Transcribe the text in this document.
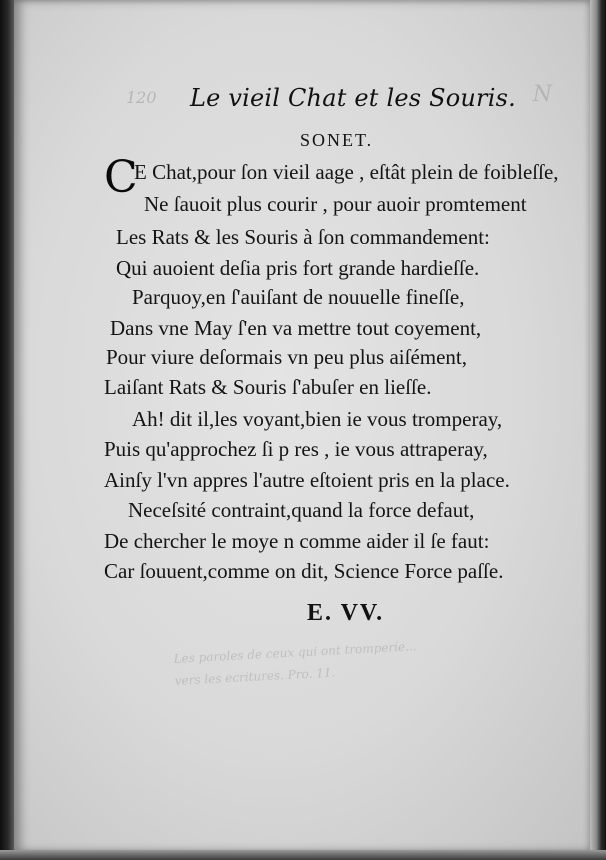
N
120
Les paroles de ceux qui ont tromperie...
vers les ecritures. Pro. 11.
Le vieil Chat et les Souris.
SONET.
C
E Chat,pour ſon vieil aage , eſtât plein de foibleſſe,
Ne ſauoit plus courir , pour auoir promtement
Les Rats & les Souris à ſon commandement:
Qui auoient deſia pris fort grande hardieſſe.
Parquoy,en ſ'auiſant de nouuelle fineſſe,
Dans vne May ſ'en va mettre tout coyement,
Pour viure deſormais vn peu plus aiſément,
Laiſant Rats & Souris ſ'abuſer en lieſſe.
Ah! dit il,les voyant,bien ie vous tromperay,
Puis qu'approchez ſi p res , ie vous attraperay,
Ainſy l'vn appres l'autre eſtoient pris en la place.
Neceſsité contraint,quand la force defaut,
De chercher le moye n comme aider il ſe faut:
Car ſouuent,comme on dit, Science Force paſſe.
E. VV.
